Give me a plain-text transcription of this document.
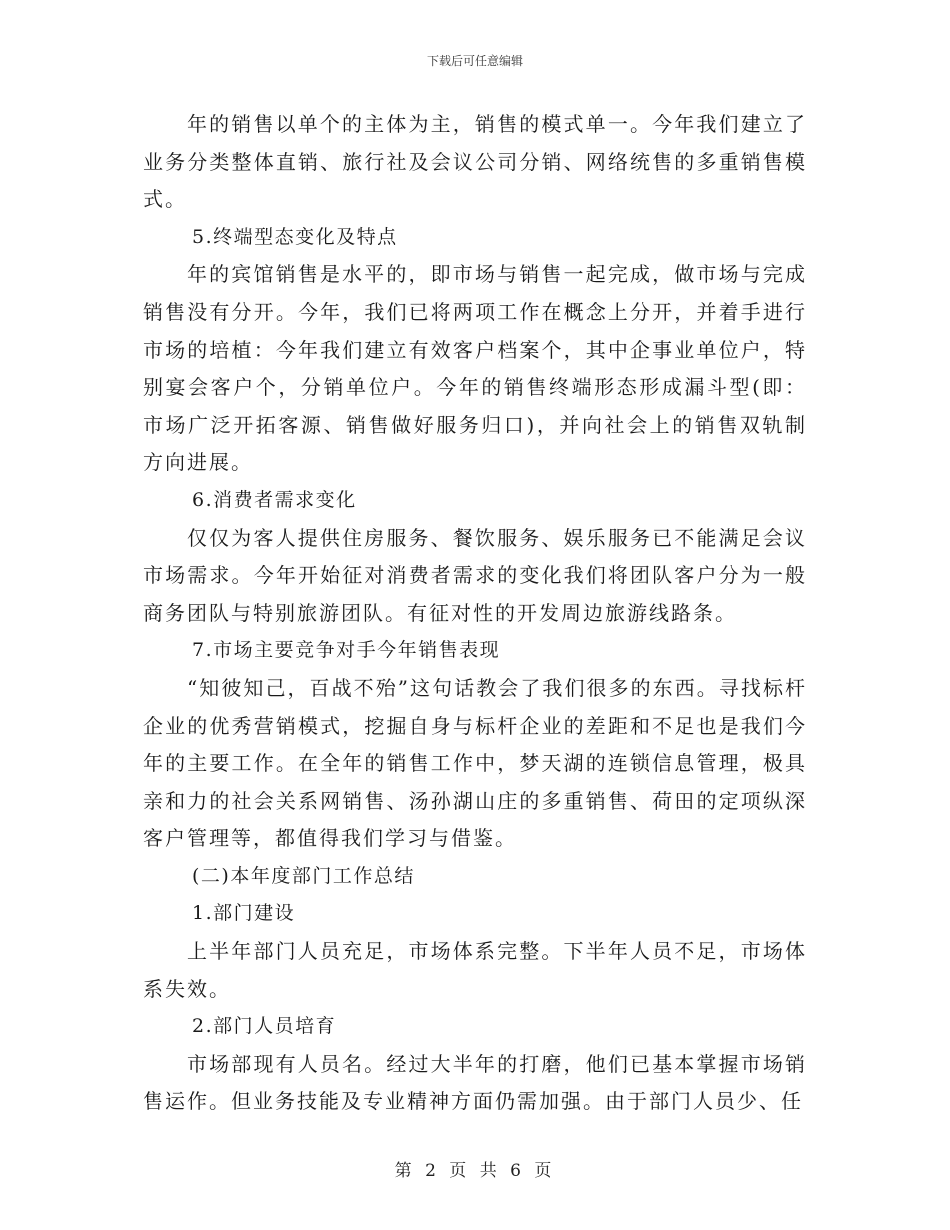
下载后可任意编辑

年的销售以单个的主体为主，销售的模式单一。今年我们建立了业务分类整体直销、旅行社及会议公司分销、网络统售的多重销售模式。

5.终端型态变化及特点

年的宾馆销售是水平的，即市场与销售一起完成，做市场与完成销售没有分开。今年，我们已将两项工作在概念上分开，并着手进行市场的培植：今年我们建立有效客户档案个，其中企事业单位户，特别宴会客户个，分销单位户。今年的销售终端形态形成漏斗型(即：市场广泛开拓客源、销售做好服务归口)，并向社会上的销售双轨制方向进展。

6.消费者需求变化

仅仅为客人提供住房服务、餐饮服务、娱乐服务已不能满足会议市场需求。今年开始征对消费者需求的变化我们将团队客户分为一般商务团队与特别旅游团队。有征对性的开发周边旅游线路条。

7.市场主要竞争对手今年销售表现

“知彼知己，百战不殆”这句话教会了我们很多的东西。寻找标杆企业的优秀营销模式，挖掘自身与标杆企业的差距和不足也是我们今年的主要工作。在全年的销售工作中，梦天湖的连锁信息管理，极具亲和力的社会关系网销售、汤孙湖山庄的多重销售、荷田的定项纵深客户管理等，都值得我们学习与借鉴。

(二)本年度部门工作总结

1.部门建设

上半年部门人员充足，市场体系完整。下半年人员不足，市场体系失效。

2.部门人员培育

市场部现有人员名。经过大半年的打磨，他们已基本掌握市场销售运作。但业务技能及专业精神方面仍需加强。由于部门人员少、任

第 2 页 共 6 页
